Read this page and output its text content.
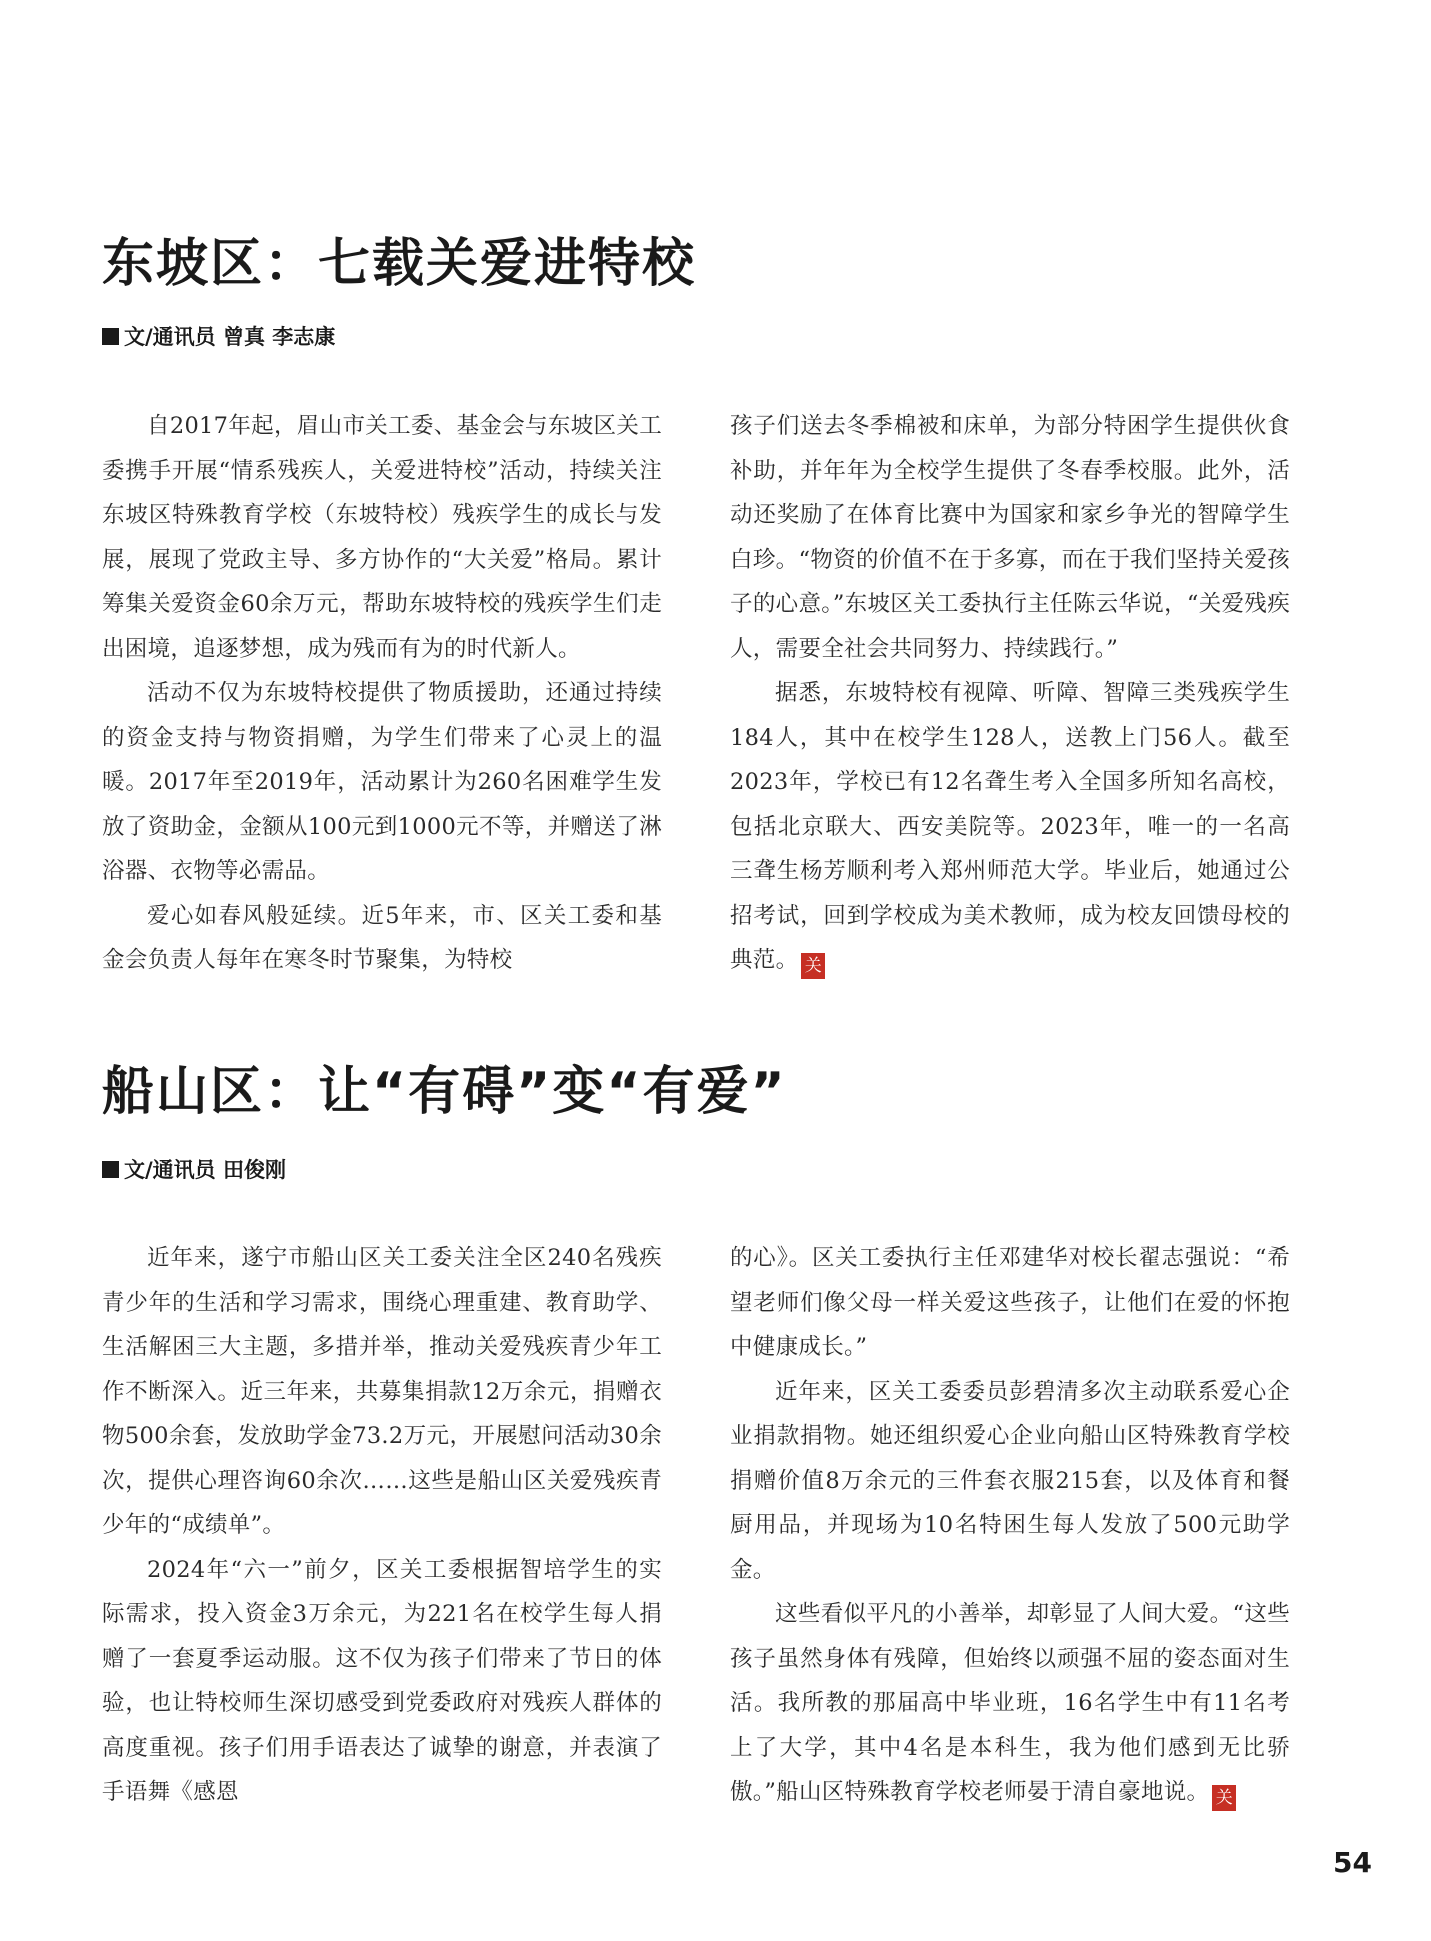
东坡区：七载关爱进特校
文/通讯员 曾真 李志康

自2017年起，眉山市关工委、基金会与东坡区关工委携手开展“情系残疾人，关爱进特校”活动，持续关注东坡区特殊教育学校（东坡特校）残疾学生的成长与发展，展现了党政主导、多方协作的“大关爱”格局。累计筹集关爱资金60余万元，帮助东坡特校的残疾学生们走出困境，追逐梦想，成为残而有为的时代新人。

活动不仅为东坡特校提供了物质援助，还通过持续的资金支持与物资捐赠，为学生们带来了心灵上的温暖。2017年至2019年，活动累计为260名困难学生发放了资助金，金额从100元到1000元不等，并赠送了淋浴器、衣物等必需品。

爱心如春风般延续。近5年来，市、区关工委和基金会负责人每年在寒冬时节聚集，为特校

孩子们送去冬季棉被和床单，为部分特困学生提供伙食补助，并年年为全校学生提供了冬春季校服。此外，活动还奖励了在体育比赛中为国家和家乡争光的智障学生白珍。“物资的价值不在于多寡，而在于我们坚持关爱孩子的心意。”东坡区关工委执行主任陈云华说，“关爱残疾人，需要全社会共同努力、持续践行。”

据悉，东坡特校有视障、听障、智障三类残疾学生184人，其中在校学生128人，送教上门56人。截至2023年，学校已有12名聋生考入全国多所知名高校，包括北京联大、西安美院等。2023年，唯一的一名高三聋生杨芳顺利考入郑州师范大学。毕业后，她通过公招考试，回到学校成为美术教师，成为校友回馈母校的典范。 关

船山区：让“有碍”变“有爱”
文/通讯员 田俊刚

近年来，遂宁市船山区关工委关注全区240名残疾青少年的生活和学习需求，围绕心理重建、教育助学、生活解困三大主题，多措并举，推动关爱残疾青少年工作不断深入。近三年来，共募集捐款12万余元，捐赠衣物500余套，发放助学金73.2万元，开展慰问活动30余次，提供心理咨询60余次……这些是船山区关爱残疾青少年的“成绩单”。

2024年“六一”前夕，区关工委根据智培学生的实际需求，投入资金3万余元，为221名在校学生每人捐赠了一套夏季运动服。这不仅为孩子们带来了节日的体验，也让特校师生深切感受到党委政府对残疾人群体的高度重视。孩子们用手语表达了诚挚的谢意，并表演了手语舞《感恩

的心》。区关工委执行主任邓建华对校长翟志强说：“希望老师们像父母一样关爱这些孩子，让他们在爱的怀抱中健康成长。”

近年来，区关工委委员彭碧清多次主动联系爱心企业捐款捐物。她还组织爱心企业向船山区特殊教育学校捐赠价值8万余元的三件套衣服215套，以及体育和餐厨用品，并现场为10名特困生每人发放了500元助学金。

这些看似平凡的小善举，却彰显了人间大爱。“这些孩子虽然身体有残障，但始终以顽强不屈的姿态面对生活。我所教的那届高中毕业班，16名学生中有11名考上了大学，其中4名是本科生，我为他们感到无比骄傲。”船山区特殊教育学校老师晏于清自豪地说。 关

54
